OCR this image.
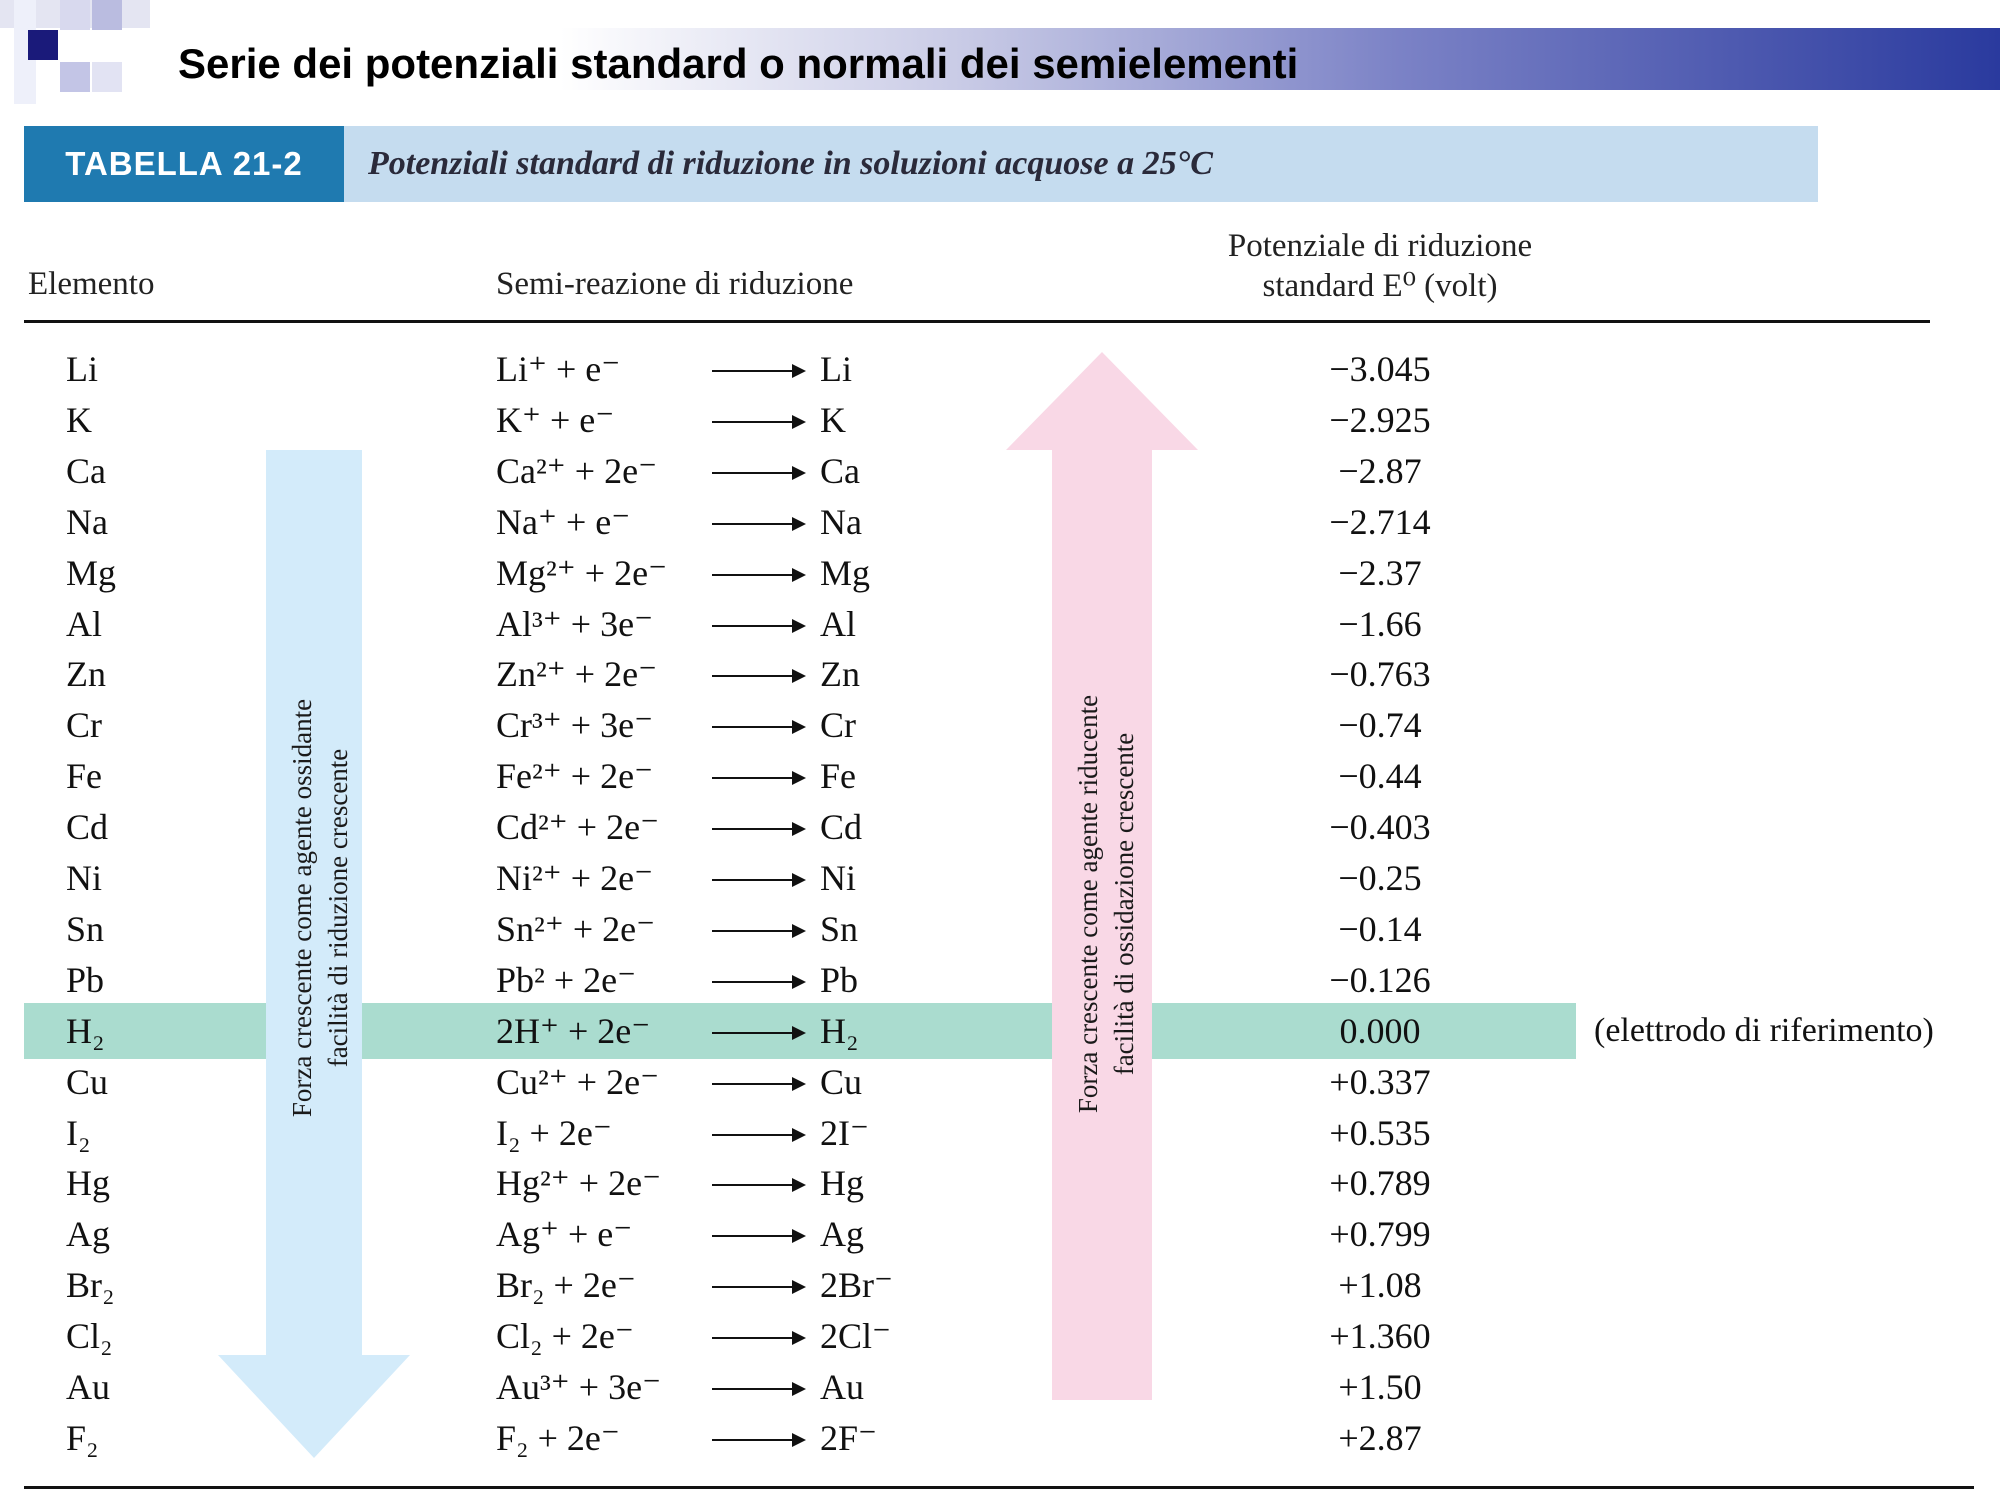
Serie dei potenziali standard o normali dei semielementi
TABELLA 21-2	Potenziali standard di riduzione in soluzioni acquose a 25°C
Elemento	Semi-reazione di riduzione
Potenziale di riduzione
standard E⁰ (volt)
Forza crescente come agente ossidante facilità di riduzione crescente	Forza crescente come agente riducente facilità di ossidazione crescente
Li	Li⁺ + e⁻	→ Li	−3.045
K	K⁺ + e⁻	→ K	−2.925
Ca	Ca²⁺ + 2e⁻ → Ca	−2.87
Na	Na⁺ + e⁻ → Na	−2.714
Mg	Mg²⁺ + 2e⁻ → Mg	−2.37
Al	Al³⁺ + 3e⁻ → Al	−1.66
Zn	Zn²⁺ + 2e⁻ → Zn	−0.763
Cr	Cr³⁺ + 3e⁻ → Cr	−0.74
Fe	Fe²⁺ + 2e⁻ → Fe	−0.44
Cd	Cd²⁺ + 2e⁻ → Cd	−0.403
Ni	Ni²⁺ + 2e⁻ → Ni	−0.25
Sn	Sn²⁺ + 2e⁻ → Sn	−0.14
Pb	Pb² + 2e⁻ → Pb	−0.126
H₂	2H⁺ + 2e⁻ → H₂	0.000
Cu	Cu²⁺ + 2e⁻ → Cu	+0.337
I₂	I₂ + 2e⁻	→ 2I⁻	+0.535
Hg	Hg²⁺ + 2e⁻ → Hg	+0.789
Ag	Ag⁺ + e⁻ → Ag	+0.799
Br₂	Br₂ + 2e⁻ → 2Br⁻	+1.08
Cl₂	Cl₂ + 2e⁻ → 2Cl⁻	+1.360
Au	Au³⁺ + 3e⁻ → Au	+1.50
F₂	F₂ + 2e⁻	→ 2F⁻	+2.87
(elettrodo di riferimento)
